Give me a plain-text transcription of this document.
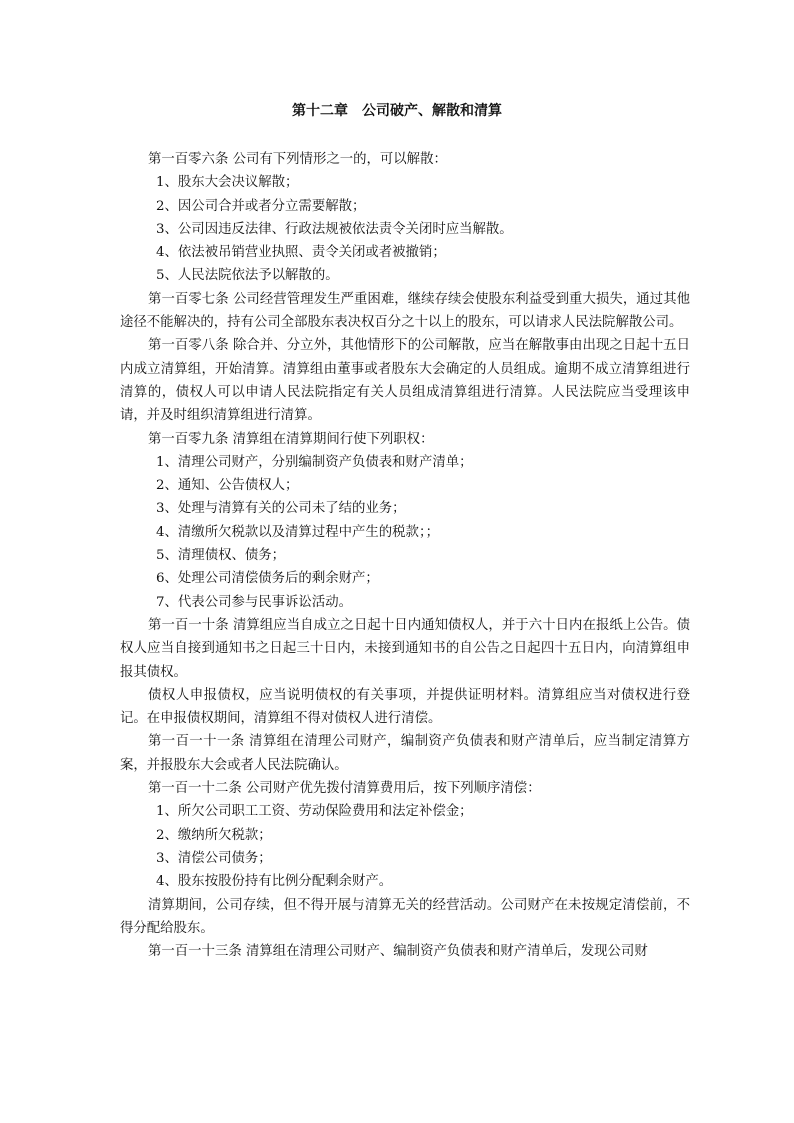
第十二章　公司破产、解散和清算

第一百零六条 公司有下列情形之一的，可以解散：

1、股东大会决议解散；

2、因公司合并或者分立需要解散；

3、公司因违反法律、行政法规被依法责令关闭时应当解散。

4、依法被吊销营业执照、责令关闭或者被撤销；

5、人民法院依法予以解散的。

第一百零七条 公司经营管理发生严重困难，继续存续会使股东利益受到重大损失，通过其他途径不能解决的，持有公司全部股东表决权百分之十以上的股东，可以请求人民法院解散公司。

第一百零八条 除合并、分立外，其他情形下的公司解散，应当在解散事由出现之日起十五日内成立清算组，开始清算。清算组由董事或者股东大会确定的人员组成。逾期不成立清算组进行清算的，债权人可以申请人民法院指定有关人员组成清算组进行清算。人民法院应当受理该申请，并及时组织清算组进行清算。

第一百零九条 清算组在清算期间行使下列职权：

1、清理公司财产，分别编制资产负债表和财产清单；

2、通知、公告债权人；

3、处理与清算有关的公司未了结的业务；

4、清缴所欠税款以及清算过程中产生的税款；；

5、清理债权、债务；

6、处理公司清偿债务后的剩余财产；

7、代表公司参与民事诉讼活动。

第一百一十条 清算组应当自成立之日起十日内通知债权人，并于六十日内在报纸上公告。债权人应当自接到通知书之日起三十日内，未接到通知书的自公告之日起四十五日内，向清算组申报其债权。

债权人申报债权，应当说明债权的有关事项，并提供证明材料。清算组应当对债权进行登记。在申报债权期间，清算组不得对债权人进行清偿。

第一百一十一条 清算组在清理公司财产，编制资产负债表和财产清单后，应当制定清算方案，并报股东大会或者人民法院确认。

第一百一十二条 公司财产优先拨付清算费用后，按下列顺序清偿：

1、所欠公司职工工资、劳动保险费用和法定补偿金；

2、缴纳所欠税款；

3、清偿公司债务；

4、股东按股份持有比例分配剩余财产。

清算期间，公司存续，但不得开展与清算无关的经营活动。公司财产在未按规定清偿前，不得分配给股东。

第一百一十三条 清算组在清理公司财产、编制资产负债表和财产清单后，发现公司财
